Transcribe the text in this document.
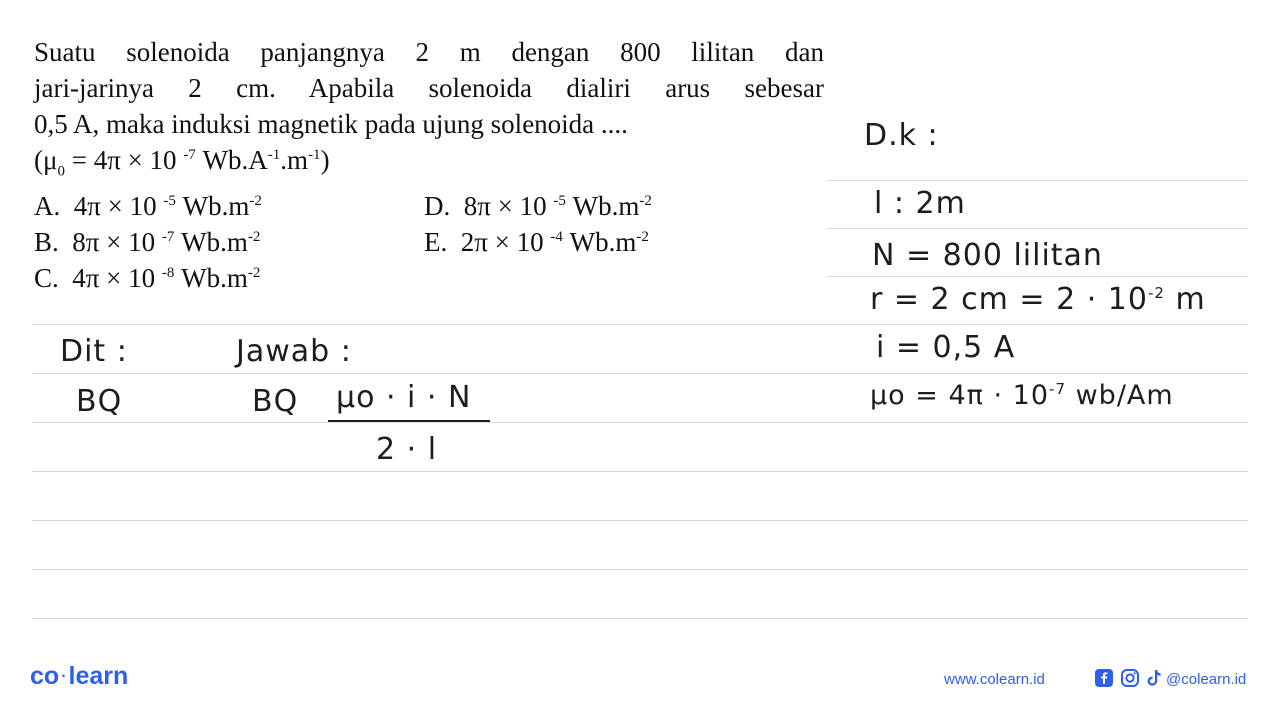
Suatu solenoida panjangnya 2 m dengan 800 lilitan dan
jari-jarinya 2 cm. Apabila solenoida dialiri arus sebesar
0,5 A, maka induksi magnetik pada ujung solenoida ....
($\mu_0 = 4\pi \times 10$ $^{-7}$ $Wb.A^{-1}.m^{-1}$)
A. 4π × 10 $^{-5}$ $Wb.m^{-2}$
B. 8π × 10 $^{-7}$ $Wb.m^{-2}$
C. 4π × 10 $^{-8}$ $Wb.m^{-2}$
D. 8π × 10 $^{-5}$ $Wb.m^{-2}$
E. 2π × 10 $^{-4}$ $Wb.m^{-2}$
D.k :
l : 2m
N = 800 lilitan
r = 2 cm = $2 \cdot 10^{-2}$ m
i = 0,5 A
$\mu o = 4\pi \cdot 10^{-7}$ wb/Am
Dit :
BQ
Jawab :
BQ μo · i · N
2 · l
co ·learn	www.colearn.id	@colearn.id
